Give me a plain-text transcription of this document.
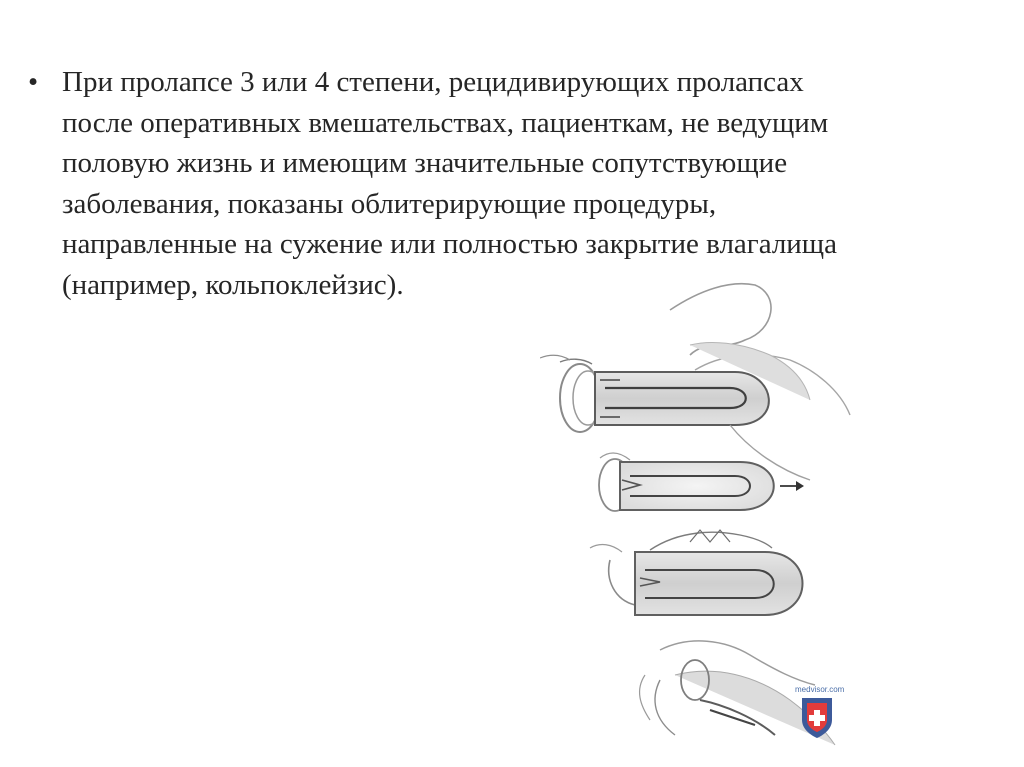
• При пролапсе 3 или 4 степени, рецидивирующих пролапсах
после оперативных вмешательствах, пациенткам, не ведущим
половую жизнь и имеющим значительные сопутствующие
заболевания, показаны облитерирующие процедуры,
направленные на сужение или полностью закрытие влагалища
(например, кольпоклейзис).
medvisor.com
